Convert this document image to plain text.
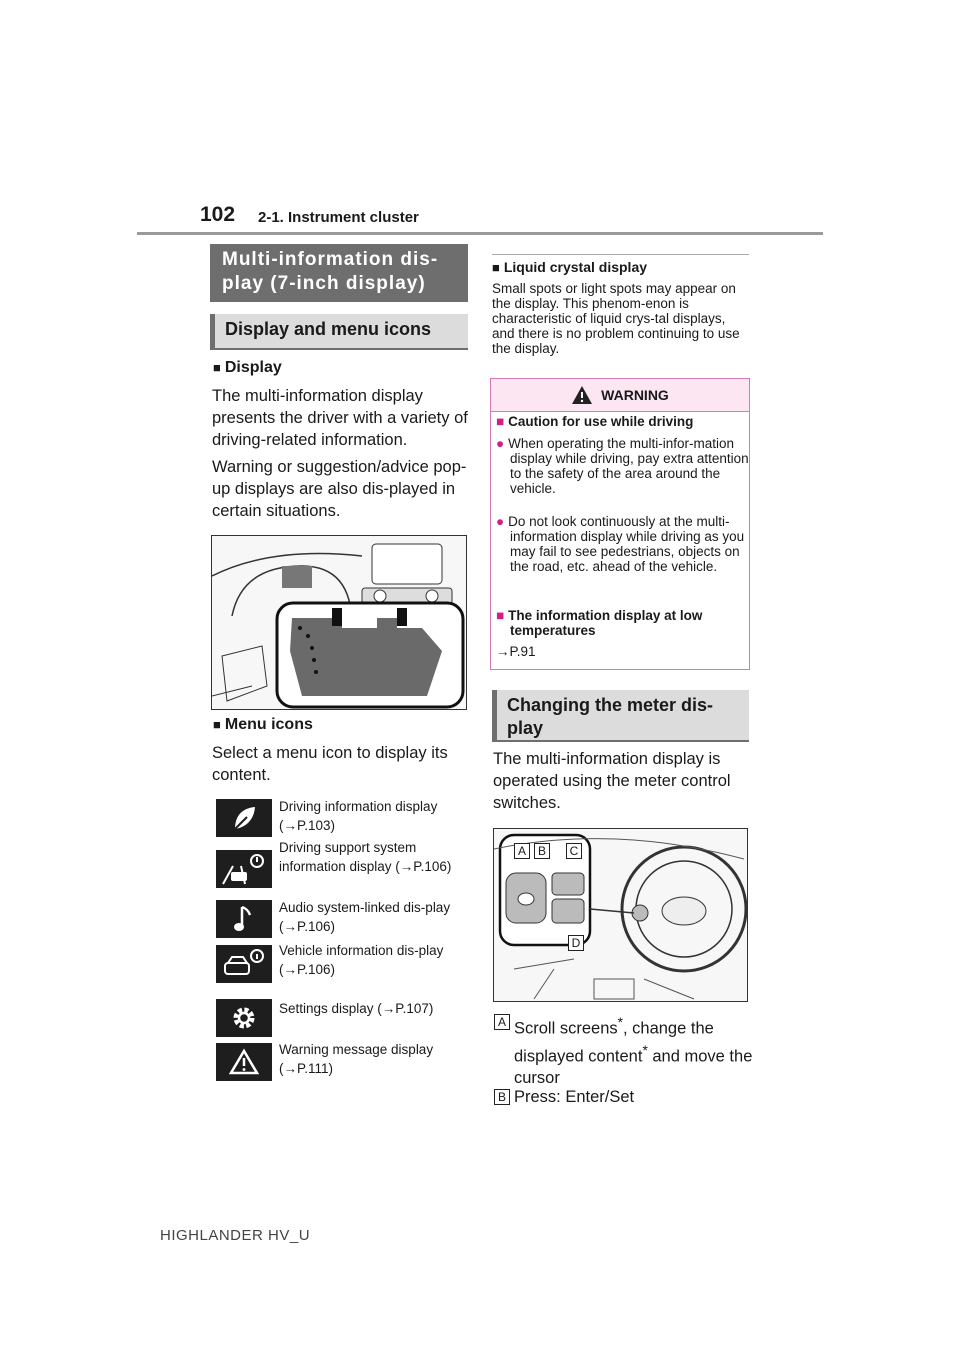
102 2-1. Instrument cluster
Multi-information dis-
play (7-inch display)
Display and menu icons
■ Display
The multi-information display presents the driver with a variety of driving-related information.
Warning or suggestion/advice pop-up displays are also dis-played in certain situations.
■ Menu icons
Select a menu icon to display its content.
Driving information display (→P.103)
Driving support system information display (→P.106)
Audio system-linked dis-play (→P.106)
Vehicle information dis-play (→P.106)
Settings display (→P.107)
Warning message display (→P.111)
■ Liquid crystal display
Small spots or light spots may appear on the display. This phenom-enon is characteristic of liquid crys-tal displays, and there is no problem continuing to use the display.
WARNING
■ Caution for use while driving
● When operating the multi-infor-mation display while driving, pay extra attention to the safety of the area around the vehicle.
● Do not look continuously at the multi-information display while driving as you may fail to see pedestrians, objects on the road, etc. ahead of the vehicle.
■ The information display at low temperatures
→P.91
Changing the meter dis-
play
The multi-information display is operated using the meter control switches.
A B	C
D
A Scroll screens*, change the displayed content* and move the cursor
B Press: Enter/Set
HIGHLANDER HV_U
